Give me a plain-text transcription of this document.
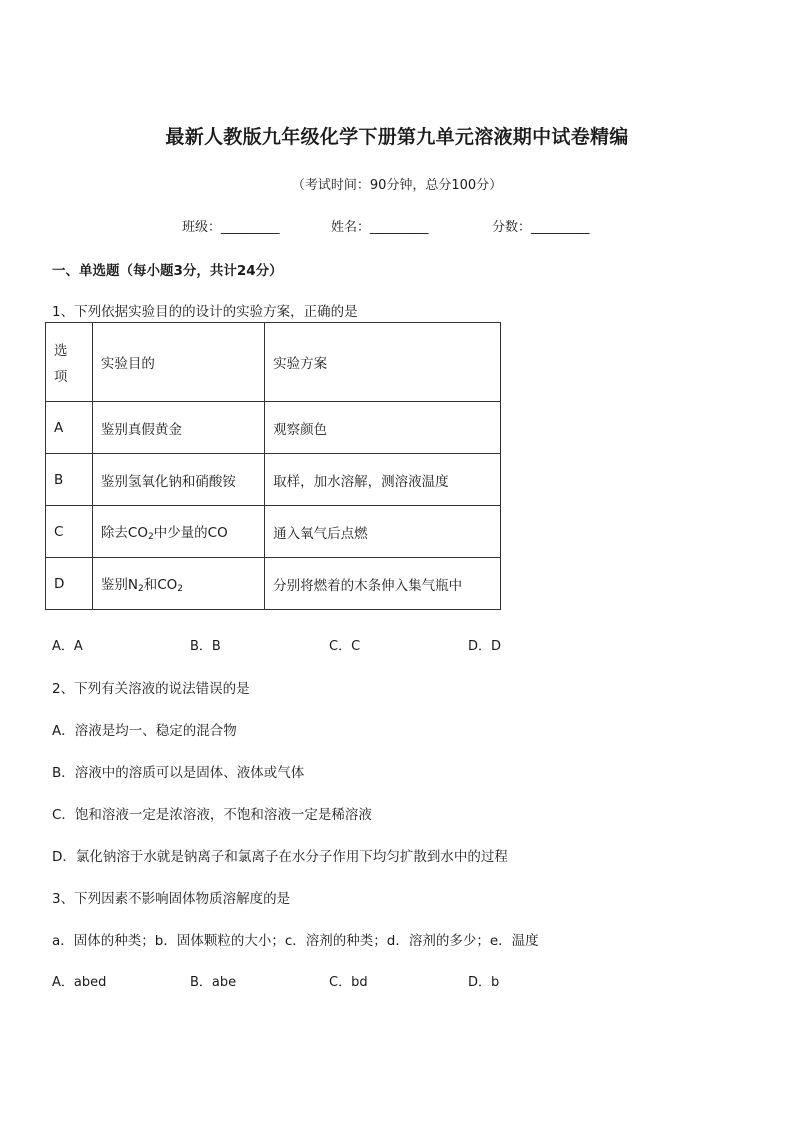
最新人教版九年级化学下册第九单元溶液期中试卷精编
（考试时间：90分钟，总分100分）
班级：_________	姓名：_________	分数：_________
一、单选题（每小题3分，共计24分）
1、下列依据实验目的的设计的实验方案，正确的是
选
项	实验目的	实验方案
A	鉴别真假黄金	观察颜色
B	鉴别氢氧化钠和硝酸铵	取样，加水溶解，测溶液温度
C	除去$CO_2$中少量的CO	通入氧气后点燃
D	鉴别$N_2$和$CO_2$	分别将燃着的木条伸入集气瓶中
A．A	B．B	C．C	D．D
2、下列有关溶液的说法错误的是
A．溶液是均一、稳定的混合物
B．溶液中的溶质可以是固体、液体或气体
C．饱和溶液一定是浓溶液，不饱和溶液一定是稀溶液
D．氯化钠溶于水就是钠离子和氯离子在水分子作用下均匀扩散到水中的过程
3、下列因素不影响固体物质溶解度的是
a．固体的种类；b．固体颗粒的大小；c．溶剂的种类；d．溶剂的多少；e．温度
A．abed	B．abe	C．bd	D．b
